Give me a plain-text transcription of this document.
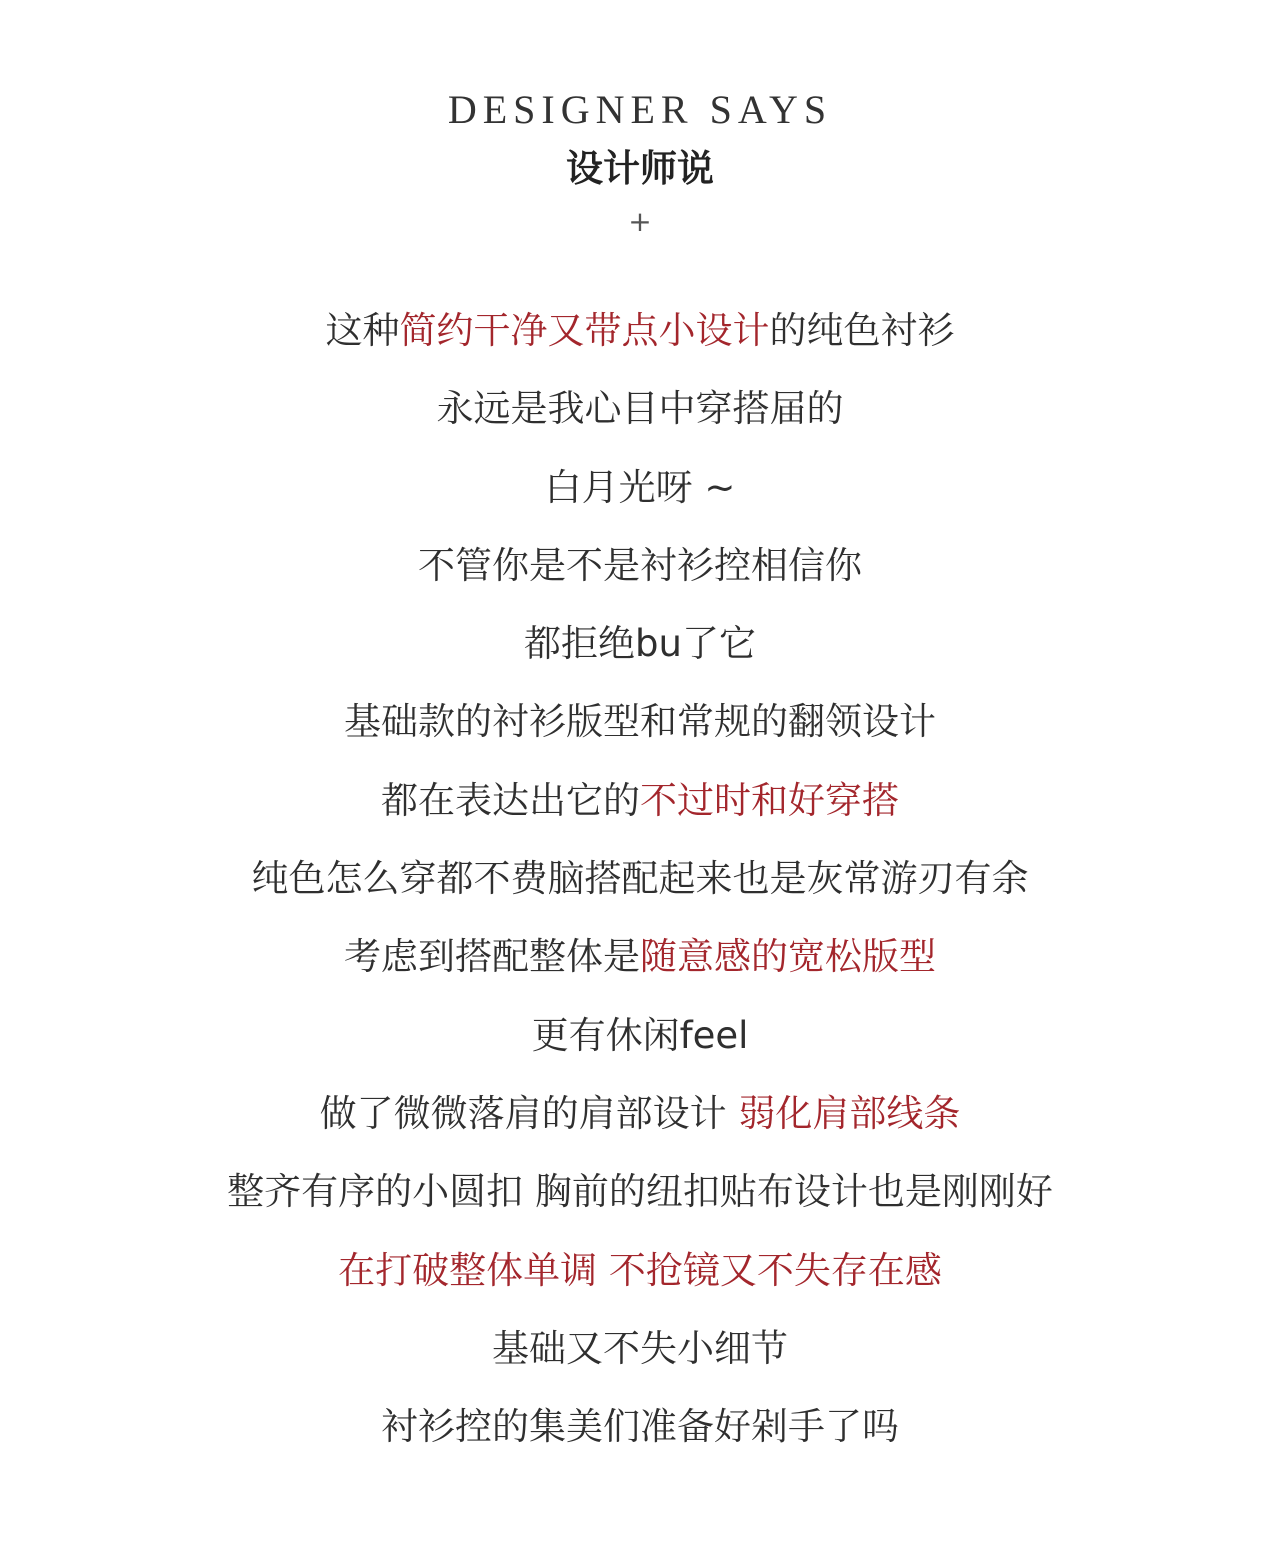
DESIGNER SAYS
设计师说
+
这种简约干净又带点小设计的纯色衬衫
永远是我心目中穿搭届的
白月光呀 ~
不管你是不是衬衫控相信你
都拒绝bu了它
基础款的衬衫版型和常规的翻领设计
都在表达出它的不过时和好穿搭
纯色怎么穿都不费脑搭配起来也是灰常游刃有余
考虑到搭配整体是随意感的宽松版型
更有休闲feel
做了微微落肩的肩部设计 弱化肩部线条
整齐有序的小圆扣 胸前的纽扣贴布设计也是刚刚好
在打破整体单调 不抢镜又不失存在感
基础又不失小细节
衬衫控的集美们准备好剁手了吗
